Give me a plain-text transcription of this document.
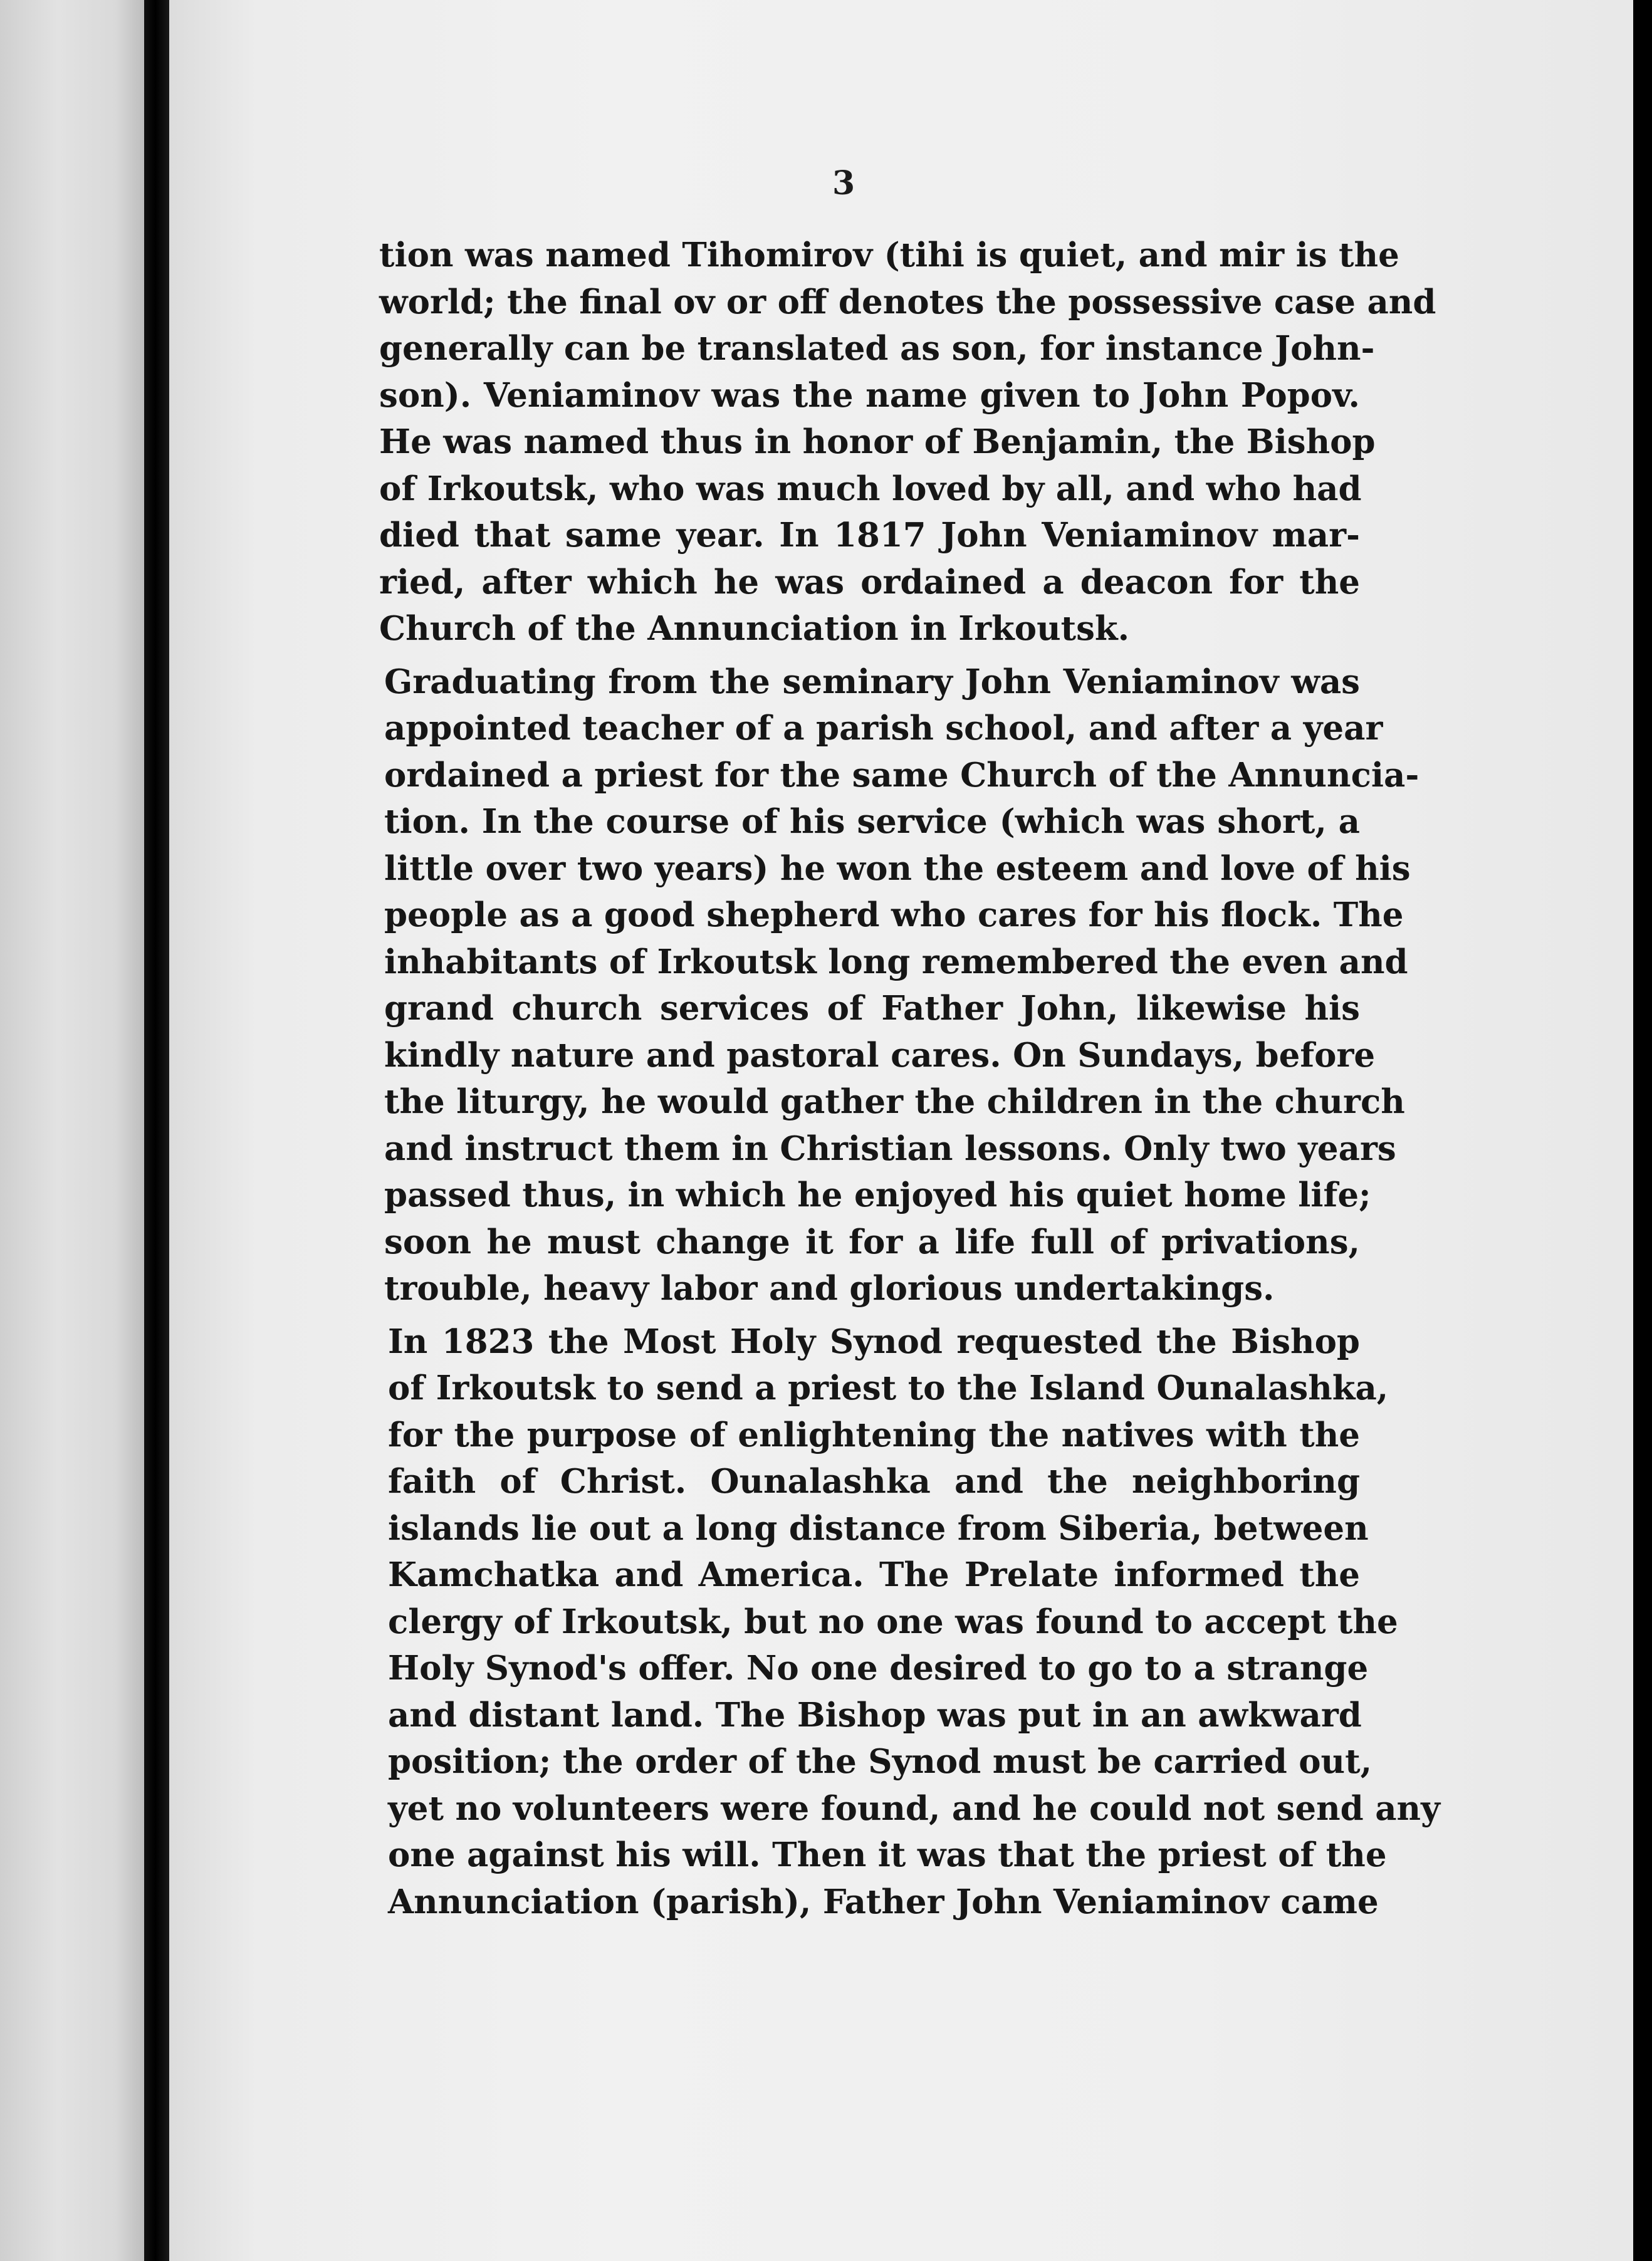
3

tion was named Tihomirov (tihi is quiet, and mir is the
world; the final ov or off denotes the possessive case and
generally can be translated as son, for instance John-
son). Veniaminov was the name given to John Popov.
He was named thus in honor of Benjamin, the Bishop
of Irkoutsk, who was much loved by all, and who had
died that same year. In 1817 John Veniaminov mar-
ried, after which he was ordained a deacon for the
Church of the Annunciation in Irkoutsk.

Graduating from the seminary John Veniaminov was
appointed teacher of a parish school, and after a year
ordained a priest for the same Church of the Annuncia-
tion. In the course of his service (which was short, a
little over two years) he won the esteem and love of his
people as a good shepherd who cares for his flock. The
inhabitants of Irkoutsk long remembered the even and
grand church services of Father John, likewise his
kindly nature and pastoral cares. On Sundays, before
the liturgy, he would gather the children in the church
and instruct them in Christian lessons. Only two years
passed thus, in which he enjoyed his quiet home life;
soon he must change it for a life full of privations,
trouble, heavy labor and glorious undertakings.

In 1823 the Most Holy Synod requested the Bishop
of Irkoutsk to send a priest to the Island Ounalashka,
for the purpose of enlightening the natives with the
faith of Christ. Ounalashka and the neighboring
islands lie out a long distance from Siberia, between
Kamchatka and America. The Prelate informed the
clergy of Irkoutsk, but no one was found to accept the
Holy Synod's offer. No one desired to go to a strange
and distant land. The Bishop was put in an awkward
position; the order of the Synod must be carried out,
yet no volunteers were found, and he could not send any
one against his will. Then it was that the priest of the
Annunciation (parish), Father John Veniaminov came
